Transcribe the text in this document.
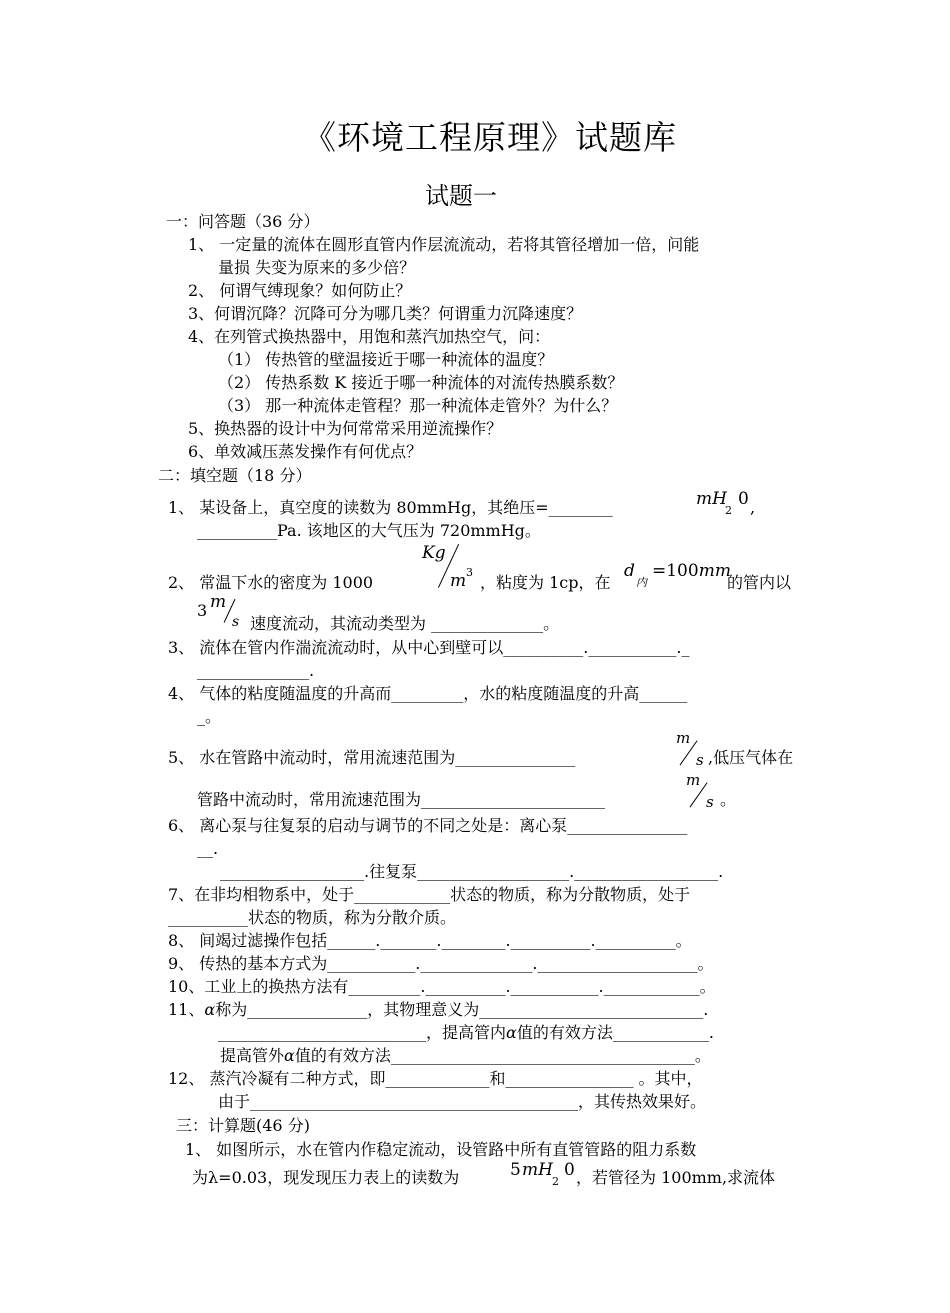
《环境工程原理》试题库
试题一
一：问答题（36 分）
1、 一定量的流体在圆形直管内作层流流动，若将其管径增加一倍，问能
量损 失变为原来的多少倍？
2、 何谓气缚现象？如何防止？
3、何谓沉降？沉降可分为哪几类？何谓重力沉降速度？
4、在列管式换热器中，用饱和蒸汽加热空气，问：
（1） 传热管的壁温接近于哪一种流体的温度？
（2） 传热系数 K 接近于哪一种流体的对流传热膜系数？
（3） 那一种流体走管程？那一种流体走管外？为什么？
5、换热器的设计中为何常常采用逆流操作？
6、单效减压蒸发操作有何优点？
二：填空题（18 分）
1、 某设备上，真空度的读数为 80mmHg，其绝压=________	mH
2
0 ,
__________Pa. 该地区的大气压为 720mmHg。
2、 常温下水的密度为 1000
Kg
m 3
，粘度为 1cp，在
d
内
=100mm
的管内以
3 m
s 速度流动，其流动类型为 ______________。
3、 流体在管内作湍流流动时，从中心到壁可以__________.___________._
______________.
4、 气体的粘度随温度的升高而_________，水的粘度随温度的升高______
_。
5、 水在管路中流动时，常用流速范围为_______________
m
s ,低压气体在
管路中流动时，常用流速范围为_______________________
m
s 。
6、 离心泵与往复泵的启动与调节的不同之处是：离心泵_______________
__.
__________________.往复泵___________________.__________________.
7、在非均相物系中，处于____________状态的物质，称为分散物质，处于
__________状态的物质，称为分散介质。
8、 间竭过滤操作包括______._______.________.__________.__________。
9、 传热的基本方式为___________.______________.____________________。
10、工业上的换热方法有_________.__________.___________.____________。
11、α称为_______________，其物理意义为____________________________.
__________________________，提高管内α值的有效方法____________.
提高管外α值的有效方法______________________________________。
12、 蒸汽冷凝有二种方式，即_____________和________________ 。其中，
由于_________________________________________，其传热效果好。
三：计算题(46 分)
1、 如图所示，水在管内作稳定流动，设管路中所有直管管路的阻力系数
为λ=0.03，现发现压力表上的读数为	5 mH
2
0 ，若管径为 100mm,求流体
